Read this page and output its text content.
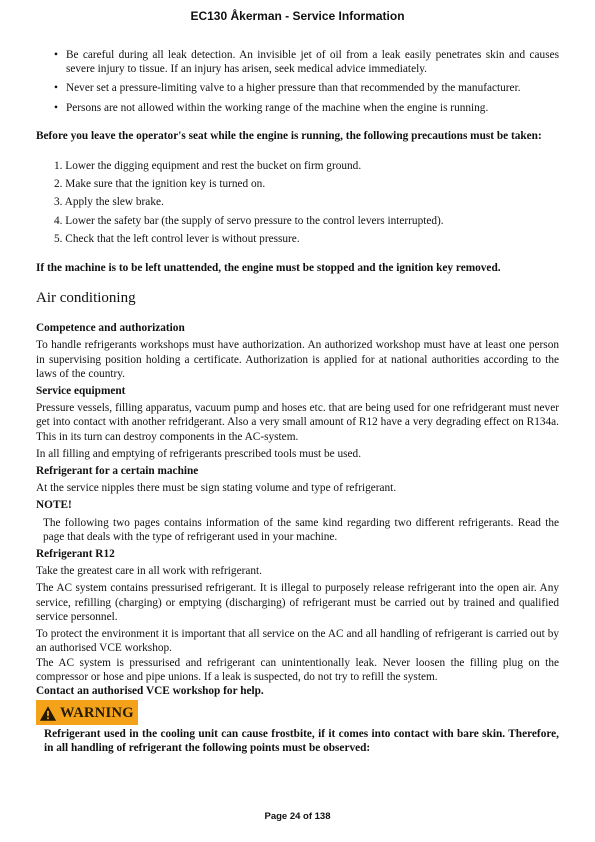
EC130 Åkerman - Service Information
• Be careful during all leak detection. An invisible jet of oil from a leak easily penetrates skin and causes severe injury to tissue. If an injury has arisen, seek medical advice immediately.
• Never set a pressure-limiting valve to a higher pressure than that recommended by the manufacturer.
• Persons are not allowed within the working range of the machine when the engine is running.
Before you leave the operator's seat while the engine is running, the following precautions must be taken:
1. Lower the digging equipment and rest the bucket on firm ground.
2. Make sure that the ignition key is turned on.
3. Apply the slew brake.
4. Lower the safety bar (the supply of servo pressure to the control levers interrupted).
5. Check that the left control lever is without pressure.
If the machine is to be left unattended, the engine must be stopped and the ignition key removed.
Air conditioning
Competence and authorization
To handle refrigerants workshops must have authorization. An authorized workshop must have at least one person in supervising position holding a certificate. Authorization is applied for at national authorities according to the laws of the country.
Service equipment
Pressure vessels, filling apparatus, vacuum pump and hoses etc. that are being used for one refridgerant must never get into contact with another refridgerant. Also a very small amount of R12 have a very degrading effect on R134a. This in its turn can destroy components in the AC-system.
In all filling and emptying of refrigerants prescribed tools must be used.
Refrigerant for a certain machine
At the service nipples there must be sign stating volume and type of refrigerant.
NOTE!
The following two pages contains information of the same kind regarding two different refrigerants. Read the page that deals with the type of refrigerant used in your machine.
Refrigerant R12
Take the greatest care in all work with refrigerant.
The AC system contains pressurised refrigerant. It is illegal to purposely release refrigerant into the open air. Any service, refilling (charging) or emptying (discharging) of refrigerant must be carried out by trained and qualified service personnel.
To protect the environment it is important that all service on the AC and all handling of refrigerant is carried out by an authorised VCE workshop.
The AC system is pressurised and refrigerant can unintentionally leak. Never loosen the filling plug on the compressor or hose and pipe unions. If a leak is suspected, do not try to refill the system.
Contact an authorised VCE workshop for help.
WARNING
Refrigerant used in the cooling unit can cause frostbite, if it comes into contact with bare skin. Therefore, in all handling of refrigerant the following points must be observed:
Page 24 of 138
